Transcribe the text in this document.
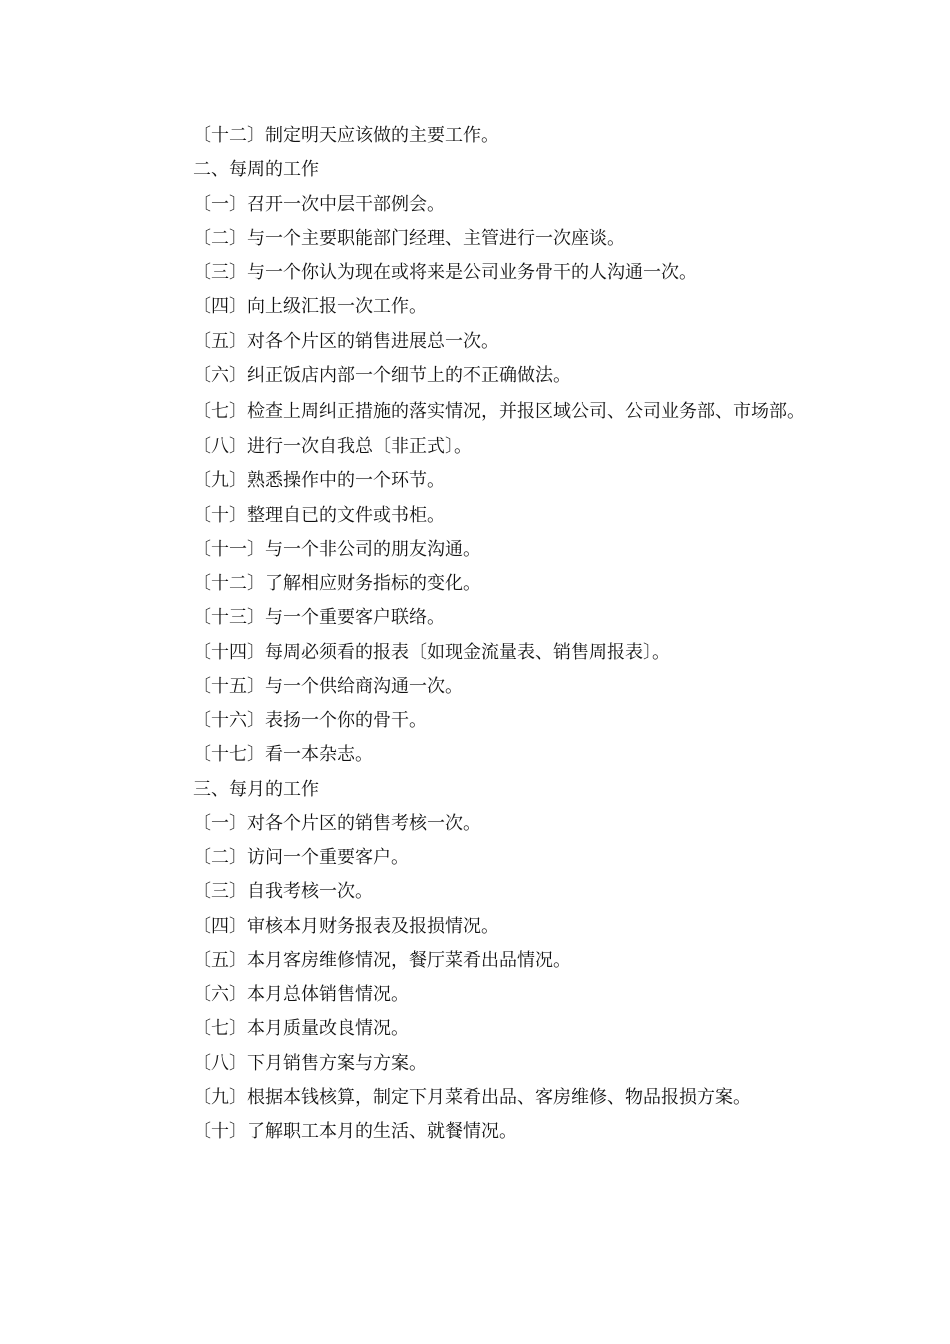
〔十二〕制定明天应该做的主要工作。
二、每周的工作
〔一〕召开一次中层干部例会。
〔二〕与一个主要职能部门经理、主管进行一次座谈。
〔三〕与一个你认为现在或将来是公司业务骨干的人沟通一次。
〔四〕向上级汇报一次工作。
〔五〕对各个片区的销售进展总一次。
〔六〕纠正饭店内部一个细节上的不正确做法。
〔七〕检查上周纠正措施的落实情况，并报区域公司、公司业务部、市场部。
〔八〕进行一次自我总〔非正式〕。
〔九〕熟悉操作中的一个环节。
〔十〕整理自已的文件或书柜。
〔十一〕与一个非公司的朋友沟通。
〔十二〕了解相应财务指标的变化。
〔十三〕与一个重要客户联络。
〔十四〕每周必须看的报表〔如现金流量表、销售周报表〕。
〔十五〕与一个供给商沟通一次。
〔十六〕表扬一个你的骨干。
〔十七〕看一本杂志。
三、每月的工作
〔一〕对各个片区的销售考核一次。
〔二〕访问一个重要客户。
〔三〕自我考核一次。
〔四〕审核本月财务报表及报损情况。
〔五〕本月客房维修情况，餐厅菜肴出品情况。
〔六〕本月总体销售情况。
〔七〕本月质量改良情况。
〔八〕下月销售方案与方案。
〔九〕根据本钱核算，制定下月菜肴出品、客房维修、物品报损方案。
〔十〕了解职工本月的生活、就餐情况。
